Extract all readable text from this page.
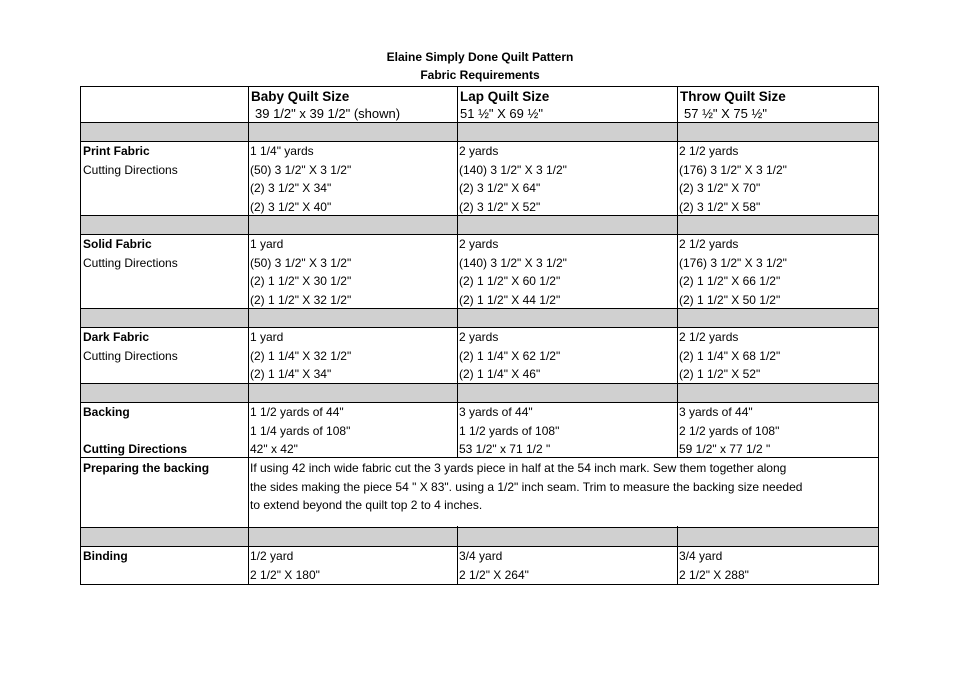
Elaine Simply Done Quilt Pattern
Fabric Requirements
Baby Quilt Size
39 1/2" x 39 1/2" (shown)
Lap Quilt Size
51 ½" X 69 ½"
Throw Quilt Size
57 ½" X 75 ½"
Print Fabric
Cutting Directions
1 1/4" yards
(50) 3 1/2" X 3 1/2"
(2) 3 1/2" X 34"
(2) 3 1/2" X 40"
2 yards
(140) 3 1/2" X 3 1/2"
(2) 3 1/2" X 64"
(2) 3 1/2" X 52"
2 1/2 yards
(176) 3 1/2" X 3 1/2"
(2) 3 1/2" X 70"
(2) 3 1/2" X 58"
Solid Fabric
Cutting Directions
1 yard
(50) 3 1/2" X 3 1/2"
(2) 1 1/2" X 30 1/2"
(2) 1 1/2" X 32 1/2"
2 yards
(140) 3 1/2" X 3 1/2"
(2) 1 1/2" X 60 1/2"
(2) 1 1/2" X 44 1/2"
2 1/2 yards
(176) 3 1/2" X 3 1/2"
(2) 1 1/2" X 66 1/2"
(2) 1 1/2" X 50 1/2"
Dark Fabric
Cutting Directions
1 yard
(2) 1 1/4" X 32 1/2"
(2) 1 1/4" X 34"
2 yards
(2) 1 1/4" X 62 1/2"
(2) 1 1/4" X 46"
2 1/2 yards
(2) 1 1/4" X 68 1/2"
(2) 1 1/2" X 52"
Backing
Cutting Directions
Preparing the backing
1 1/2 yards of 44"
1 1/4 yards of 108"
42" x 42"
3 yards of 44"
1 1/2 yards of 108"
53 1/2" x 71 1/2 "
3 yards of 44"
2 1/2 yards of 108"
59 1/2" x 77 1/2 "
If using 42 inch wide fabric cut the 3 yards piece in half at the 54 inch mark. Sew them together along
the sides making the piece 54 " X 83". using a 1/2" inch seam. Trim to measure the backing size needed
to extend beyond the quilt top 2 to 4 inches.
Binding	1/2 yard
2 1/2" X 180"
3/4 yard
2 1/2" X 264"
3/4 yard
2 1/2" X 288"
